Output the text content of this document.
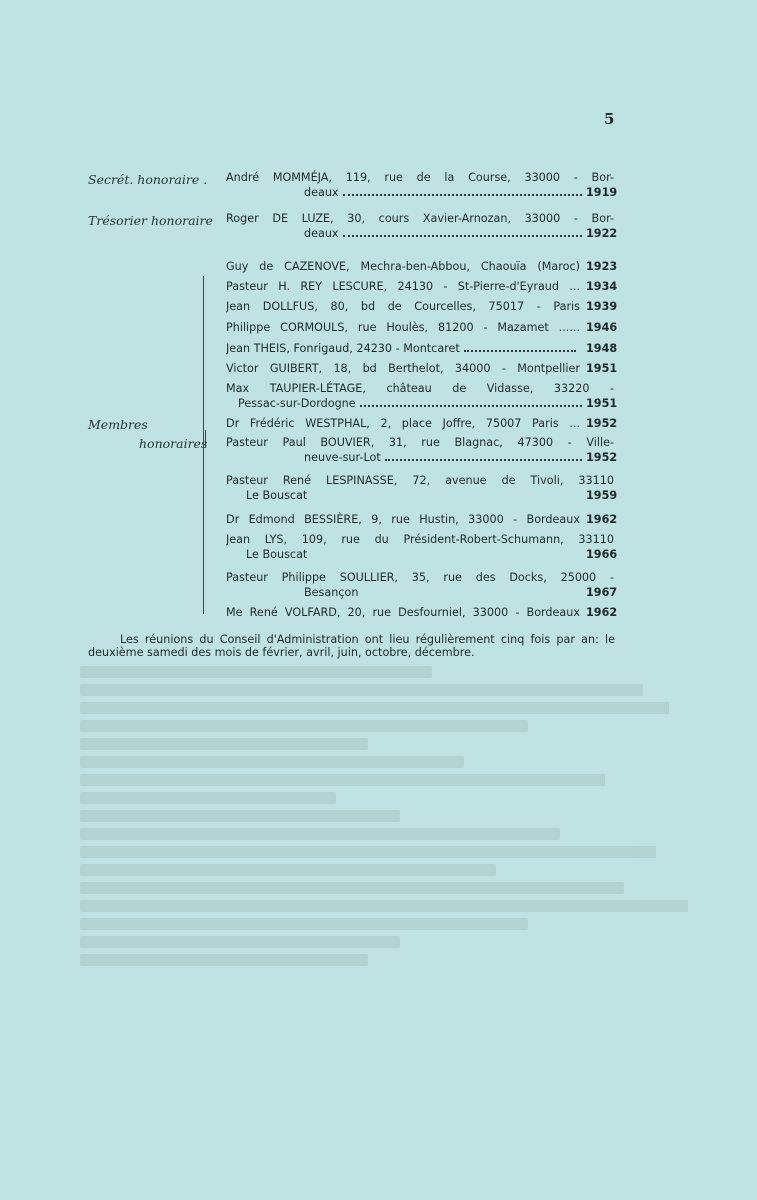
5
Secrét. honoraire .
Trésorier honoraire
Membres
honoraires
André MOMMÉJA, 119, rue de la Course, 33000 - Bor-
deaux	1919
Roger DE LUZE, 30, cours Xavier-Arnozan, 33000 - Bor-
deaux	1922
Guy de CAZENOVE, Mechra-ben-Abbou, Chaouïa (Maroc) 1923
Pasteur H. REY LESCURE, 24130 - St-Pierre-d'Eyraud ... 1934
Jean DOLLFUS, 80, bd de Courcelles, 75017 - Paris 1939
Philippe CORMOULS, rue Houlès, 81200 - Mazamet ...... 1946
Jean THEIS, Fonrigaud, 24230 - Montcaret	1948
Victor GUIBERT, 18, bd Berthelot, 34000 - Montpellier 1951
Max TAUPIER-LÉTAGE, château de Vidasse, 33220 -
Pessac-sur-Dordogne	1951
Dr Frédéric WESTPHAL, 2, place Joffre, 75007 Paris ... 1952
Pasteur Paul BOUVIER, 31, rue Blagnac, 47300 - Ville-
neuve-sur-Lot	1952
Pasteur René LESPINASSE, 72, avenue de Tivoli, 33110
Le Bouscat	1959
Dr Edmond BESSIÈRE, 9, rue Hustin, 33000 - Bordeaux 1962
Jean LYS, 109, rue du Président-Robert-Schumann, 33110
Le Bouscat	1966
Pasteur Philippe SOULLIER, 35, rue des Docks, 25000 -
Besançon	1967
Me René VOLFARD, 20, rue Desfourniel, 33000 - Bordeaux 1962
Les réunions du Conseil d'Administration ont lieu régulièrement cinq fois par an: le deuxième samedi des mois de février, avril, juin, octobre, décembre.
